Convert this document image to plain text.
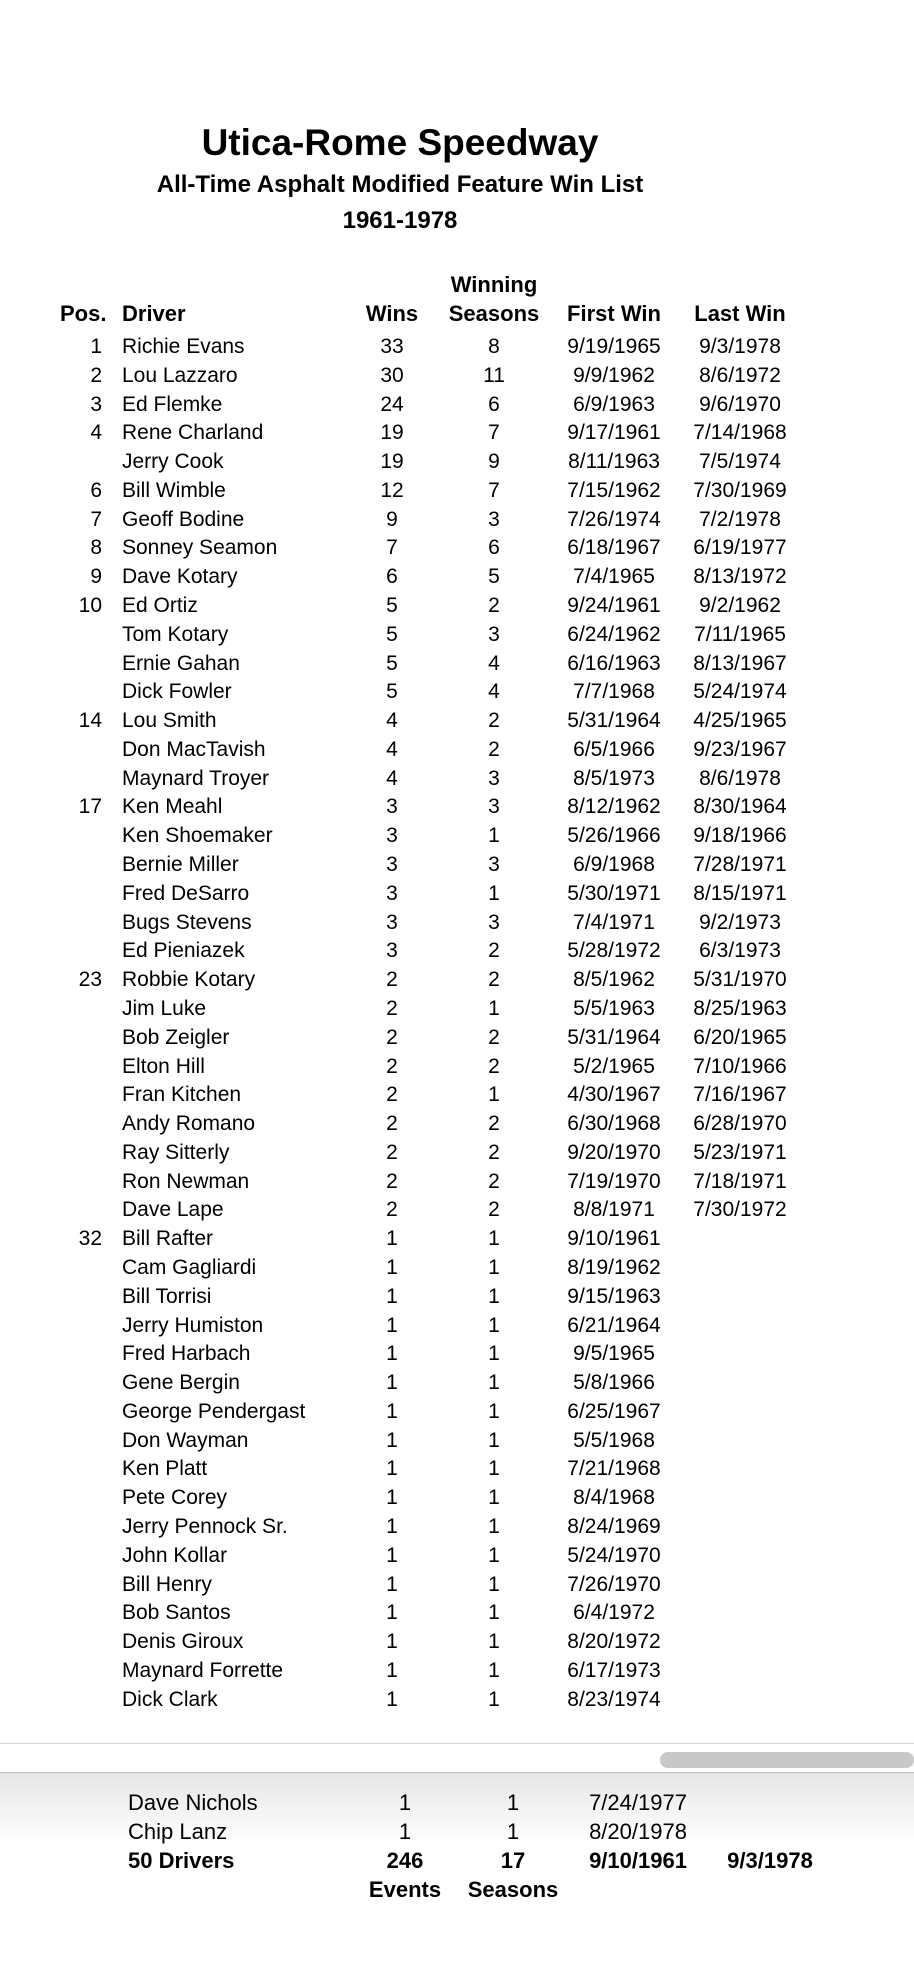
Utica-Rome Speedway
All-Time Asphalt Modified Feature Win List
1961-1978
Winning
Pos. Driver	Wins	Seasons	First Win	Last Win
1 Richie Evans	33	8	9/19/1965	9/3/1978
2 Lou Lazzaro	30	11	9/9/1962	8/6/1972
3 Ed Flemke	24	6	6/9/1963	9/6/1970
4 Rene Charland	19	7	9/17/1961	7/14/1968
Jerry Cook	19	9	8/11/1963	7/5/1974
6 Bill Wimble	12	7	7/15/1962	7/30/1969
7 Geoff Bodine	9	3	7/26/1974	7/2/1978
8 Sonney Seamon	7	6	6/18/1967	6/19/1977
9 Dave Kotary	6	5	7/4/1965	8/13/1972
10 Ed Ortiz	5	2	9/24/1961	9/2/1962
Tom Kotary	5	3	6/24/1962	7/11/1965
Ernie Gahan	5	4	6/16/1963	8/13/1967
Dick Fowler	5	4	7/7/1968	5/24/1974
14 Lou Smith	4	2	5/31/1964	4/25/1965
Don MacTavish	4	2	6/5/1966	9/23/1967
Maynard Troyer	4	3	8/5/1973	8/6/1978
17 Ken Meahl	3	3	8/12/1962	8/30/1964
Ken Shoemaker	3	1	5/26/1966	9/18/1966
Bernie Miller	3	3	6/9/1968	7/28/1971
Fred DeSarro	3	1	5/30/1971	8/15/1971
Bugs Stevens	3	3	7/4/1971	9/2/1973
Ed Pieniazek	3	2	5/28/1972	6/3/1973
23 Robbie Kotary	2	2	8/5/1962	5/31/1970
Jim Luke	2	1	5/5/1963	8/25/1963
Bob Zeigler	2	2	5/31/1964	6/20/1965
Elton Hill	2	2	5/2/1965	7/10/1966
Fran Kitchen	2	1	4/30/1967	7/16/1967
Andy Romano	2	2	6/30/1968	6/28/1970
Ray Sitterly	2	2	9/20/1970	5/23/1971
Ron Newman	2	2	7/19/1970	7/18/1971
Dave Lape	2	2	8/8/1971	7/30/1972
32 Bill Rafter	1	1	9/10/1961
Cam Gagliardi	1	1	8/19/1962
Bill Torrisi	1	1	9/15/1963
Jerry Humiston	1	1	6/21/1964
Fred Harbach	1	1	9/5/1965
Gene Bergin	1	1	5/8/1966
George Pendergast	1	1	6/25/1967
Don Wayman	1	1	5/5/1968
Ken Platt	1	1	7/21/1968
Pete Corey	1	1	8/4/1968
Jerry Pennock Sr.	1	1	8/24/1969
John Kollar	1	1	5/24/1970
Bill Henry	1	1	7/26/1970
Bob Santos	1	1	6/4/1972
Denis Giroux	1	1	8/20/1972
Maynard Forrette	1	1	6/17/1973
Dick Clark	1	1	8/23/1974
Dave Nichols	1	1	7/24/1977
Chip Lanz	1	1	8/20/1978
50 Drivers	246	17	9/10/1961	9/3/1978
Events	Seasons
